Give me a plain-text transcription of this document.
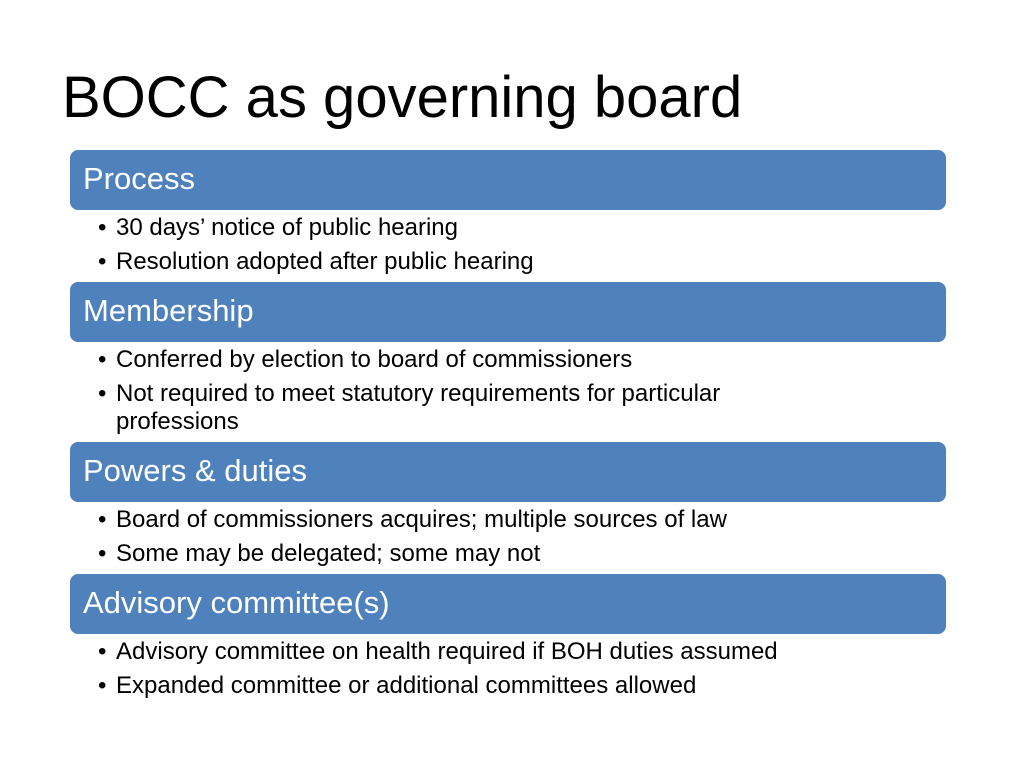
BOCC as governing board
Process
• 30 days’ notice of public hearing
• Resolution adopted after public hearing
Membership
• Conferred by election to board of commissioners
• Not required to meet statutory requirements for particular professions
Powers & duties
• Board of commissioners acquires; multiple sources of law
• Some may be delegated; some may not
Advisory committee(s)
• Advisory committee on health required if BOH duties assumed
• Expanded committee or additional committees allowed
